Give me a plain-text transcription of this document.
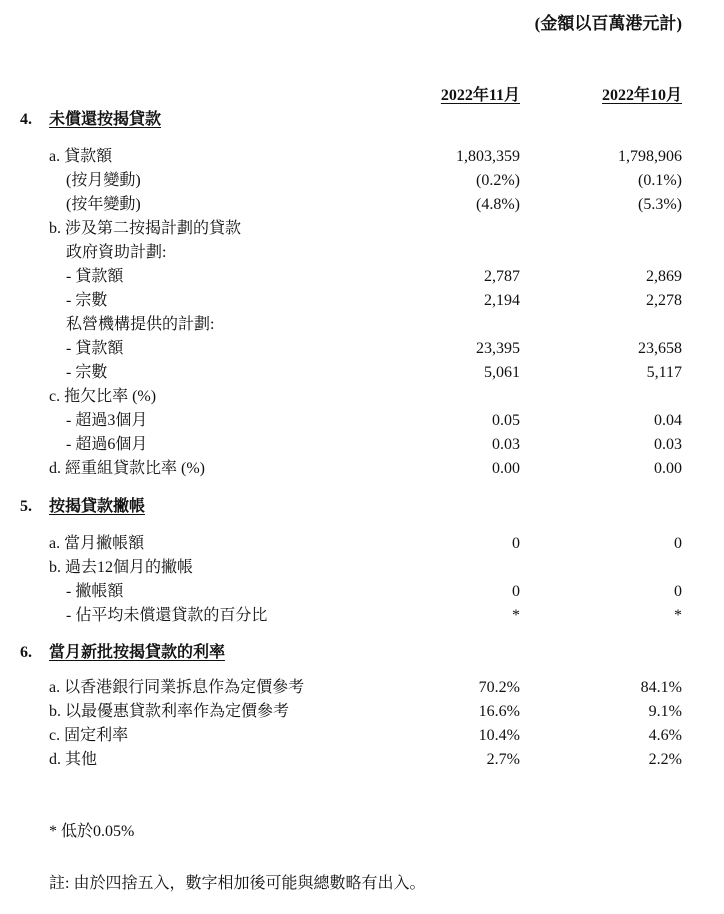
(金額以百萬港元計)
2022年11月	2022年10月
4. 未償還按揭貸款
a. 貸款額	1,803,359	1,798,906
(按月變動)	(0.2%)	(0.1%)
(按年變動)	(4.8%)	(5.3%)
b. 涉及第二按揭計劃的貸款
政府資助計劃:
- 貸款額	2,787	2,869
- 宗數	2,194	2,278
私營機構提供的計劃:
- 貸款額	23,395	23,658
- 宗數	5,061	5,117
c. 拖欠比率 (%)
- 超過3個月	0.05	0.04
- 超過6個月	0.03	0.03
d. 經重組貸款比率 (%)	0.00	0.00
5. 按揭貸款撇帳
a. 當月撇帳額	0	0
b. 過去12個月的撇帳
- 撇帳額	0	0
- 佔平均未償還貸款的百分比	*	*
6. 當月新批按揭貸款的利率
a. 以香港銀行同業拆息作為定價參考	70.2%	84.1%
b. 以最優惠貸款利率作為定價參考	16.6%	9.1%
c. 固定利率	10.4%	4.6%
d. 其他	2.7%	2.2%
* 低於0.05%
註: 由於四捨五入，數字相加後可能與總數略有出入。
